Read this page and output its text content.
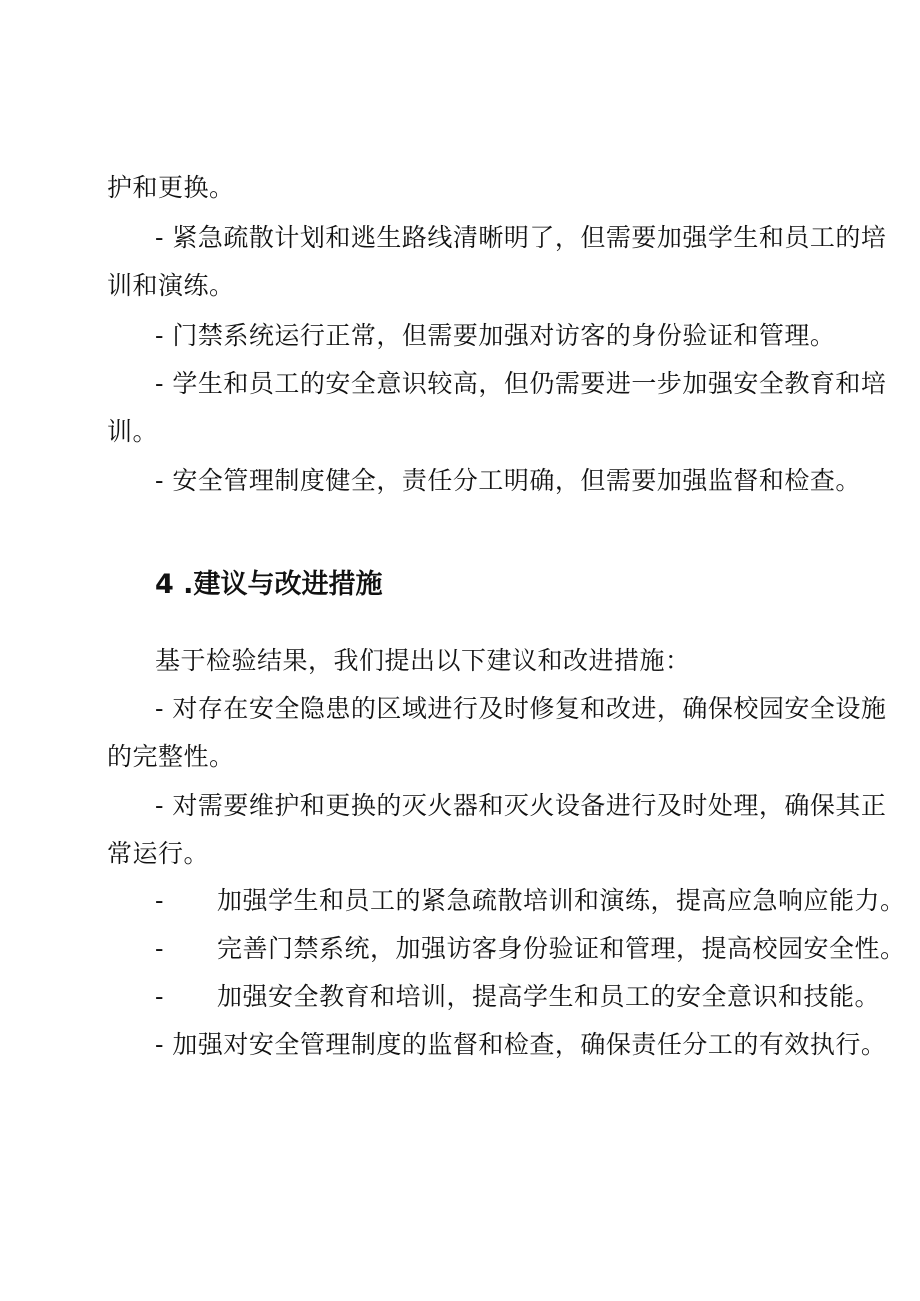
护和更换。
- 紧急疏散计划和逃生路线清晰明了，但需要加强学生和员工的培
训和演练。
- 门禁系统运行正常，但需要加强对访客的身份验证和管理。
- 学生和员工的安全意识较高，但仍需要进一步加强安全教育和培
训。
- 安全管理制度健全，责任分工明确，但需要加强监督和检查。
4 .建议与改进措施
基于检验结果，我们提出以下建议和改进措施：
- 对存在安全隐患的区域进行及时修复和改进，确保校园安全设施
的完整性。
- 对需要维护和更换的灭火器和灭火设备进行及时处理，确保其正
常运行。
- 加强学生和员工的紧急疏散培训和演练，提高应急响应能力。
- 完善门禁系统，加强访客身份验证和管理，提高校园安全性。
- 加强安全教育和培训，提高学生和员工的安全意识和技能。
- 加强对安全管理制度的监督和检查，确保责任分工的有效执行。
